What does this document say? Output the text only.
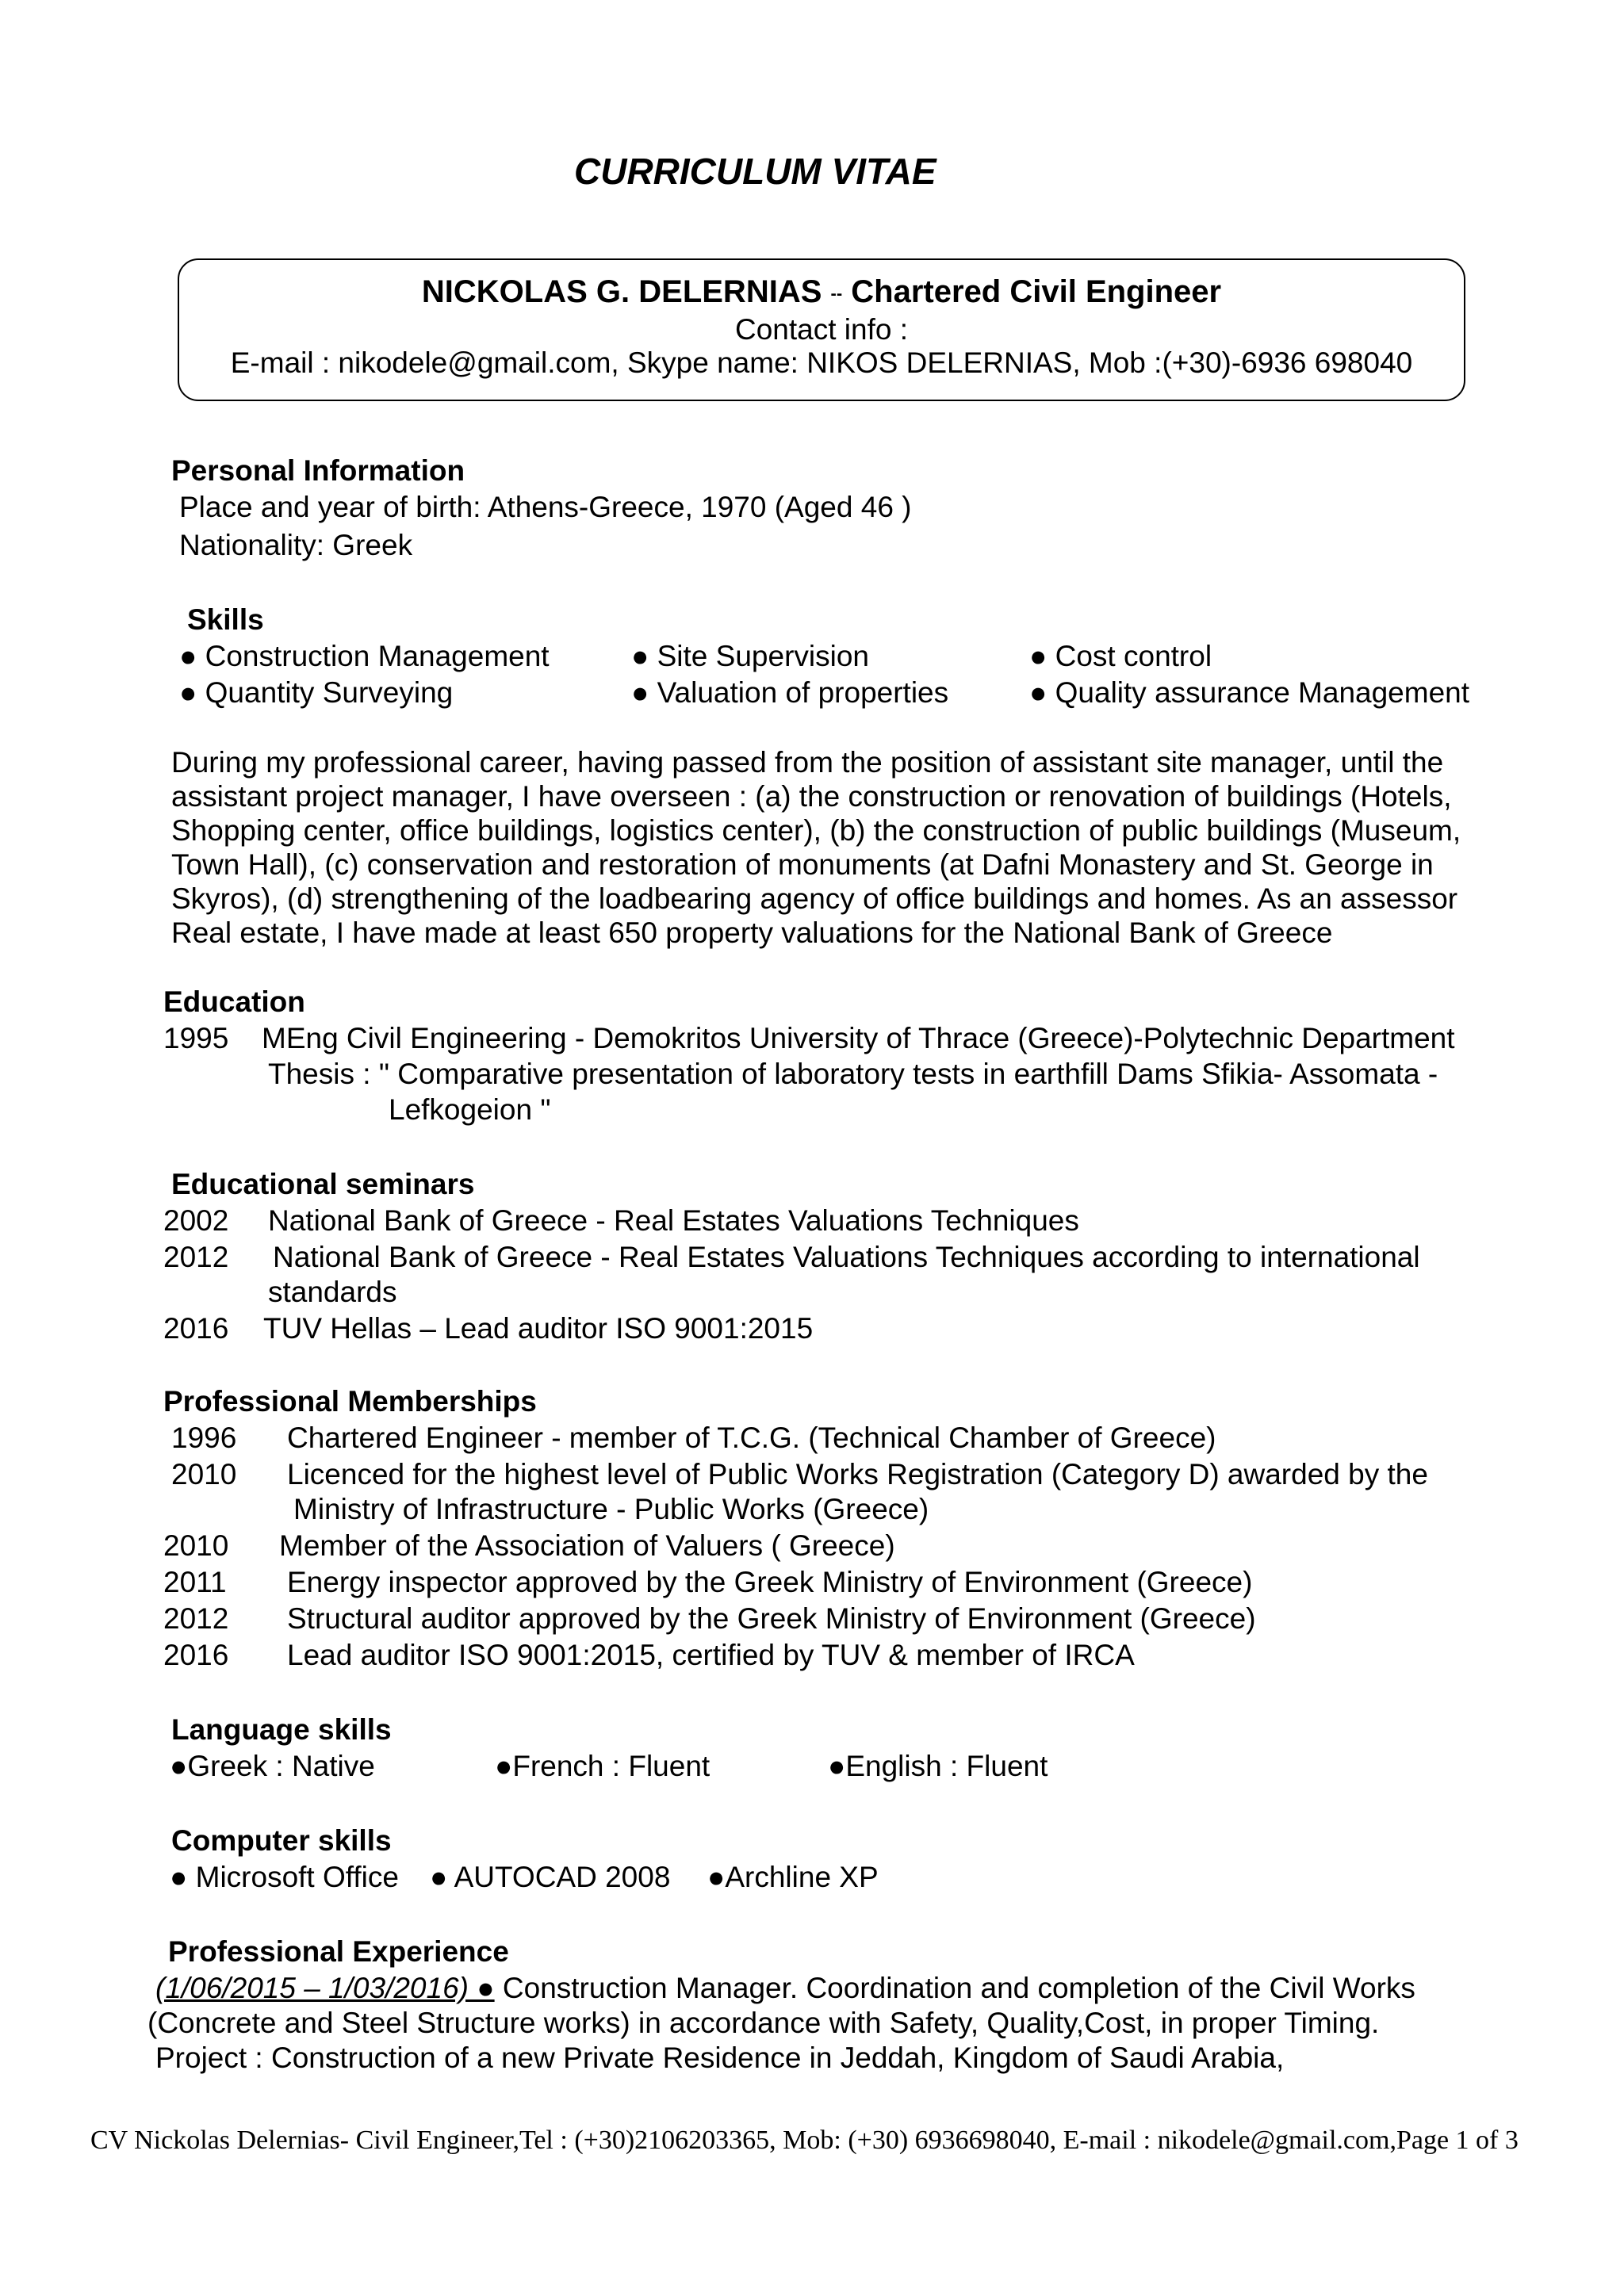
CURRICULUM VITAE
NICKOLAS G. DELERNIAS -- Chartered Civil Engineer
Contact info :
E-mail : nikodele@gmail.com, Skype name: NIKOS DELERNIAS, Mob :(+30)-6936 698040
Personal Information
Place and year of birth: Athens-Greece, 1970 (Aged 46 )
Nationality: Greek
Skills
● Construction Management	● Site Supervision	● Cost control
● Quantity Surveying	● Valuation of properties	● Quality assurance Management
During my professional career, having passed from the position of assistant site manager, until the
assistant project manager, I have overseen : (a) the construction or renovation of buildings (Hotels,
Shopping center, office buildings, logistics center), (b) the construction of public buildings (Museum,
Town Hall), (c) conservation and restoration of monuments (at Dafni Monastery and St. George in
Skyros), (d) strengthening of the loadbearing agency of office buildings and homes. As an assessor
Real estate, I have made at least 650 property valuations for the National Bank of Greece
Education
1995 MEng Civil Engineering - Demokritos University of Thrace (Greece)-Polytechnic Department
Thesis : " Comparative presentation of laboratory tests in earthfill Dams Sfikia- Assomata -
Lefkogeion "
Educational seminars
2002 National Bank of Greece - Real Estates Valuations Techniques
2012 National Bank of Greece - Real Estates Valuations Techniques according to international
standards
2016 TUV Hellas – Lead auditor ISO 9001:2015
Professional Memberships
1996 Chartered Engineer - member of T.C.G. (Technical Chamber of Greece)
2010 Licenced for the highest level of Public Works Registration (Category D) awarded by the
Ministry of Infrastructure - Public Works (Greece)
2010 Member of the Association of Valuers ( Greece)
2011 Energy inspector approved by the Greek Ministry of Environment (Greece)
2012 Structural auditor approved by the Greek Ministry of Environment (Greece)
2016 Lead auditor ISO 9001:2015, certified by TUV & member of IRCA
Language skills
●Greek : Native	●French : Fluent	●English : Fluent
Computer skills
● Microsoft Office ● AUTOCAD 2008 ●Archline XP
Professional Experience
(1/06/2015 – 1/03/2016) ● Construction Manager. Coordination and completion of the Civil Works
(Concrete and Steel Structure works) in accordance with Safety, Quality,Cost, in proper Timing.
Project : Construction of a new Private Residence in Jeddah, Kingdom of Saudi Arabia,
CV Nickolas Delernias- Civil Engineer,Tel : (+30)2106203365, Mob: (+30) 6936698040, E-mail : nikodele@gmail.com,Page 1 of 3
